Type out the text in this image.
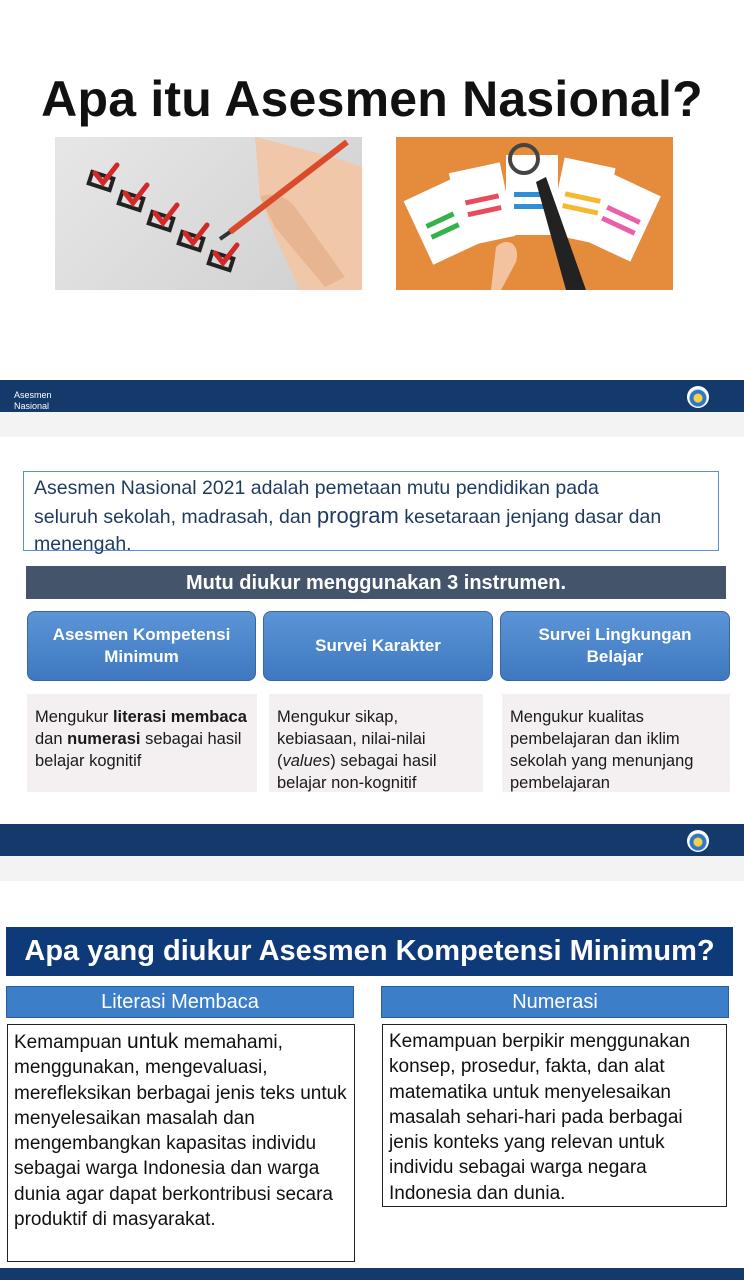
Apa itu Asesmen Nasional?
Asesmen Nasional
Asesmen Nasional 2021 adalah pemetaan mutu pendidikan pada
seluruh sekolah, madrasah, dan program kesetaraan jenjang dasar dan
menengah.
Mutu diukur menggunakan 3 instrumen.
Asesmen Kompetensi Minimum
Survei Karakter
Survei Lingkungan Belajar
Mengukur literasi membaca dan numerasi sebagai hasil belajar kognitif
Mengukur sikap, kebiasaan, nilai-nilai (values) sebagai hasil belajar non-kognitif
Mengukur kualitas pembelajaran dan iklim sekolah yang menunjang pembelajaran
Apa yang diukur Asesmen Kompetensi Minimum?
Literasi Membaca	Numerasi
Kemampuan untuk memahami, menggunakan, mengevaluasi, merefleksikan berbagai jenis teks untuk menyelesaikan masalah dan mengembangkan kapasitas individu sebagai warga Indonesia dan warga dunia agar dapat berkontribusi secara produktif di masyarakat.
Kemampuan berpikir menggunakan konsep, prosedur, fakta, dan alat matematika untuk menyelesaikan masalah sehari-hari pada berbagai jenis konteks yang relevan untuk individu sebagai warga negara Indonesia dan dunia.
